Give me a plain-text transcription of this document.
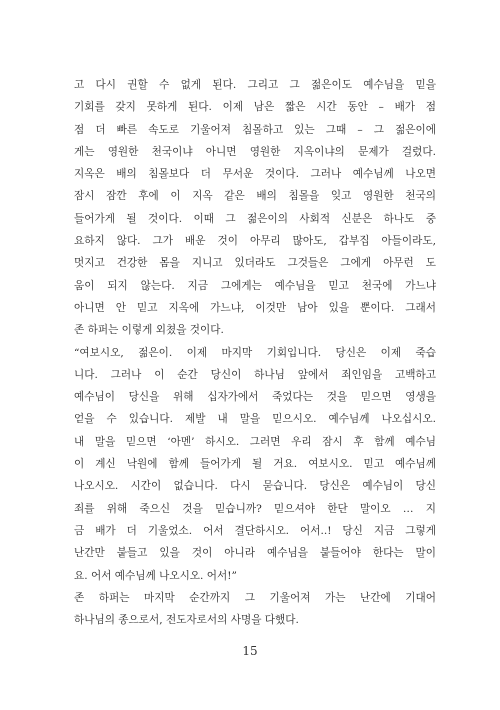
고 다시 권할 수 없게 된다. 그리고 그 젊은이도 예수님을 믿을
기회를 갖지 못하게 된다. 이제 남은 짧은 시간 동안 – 배가 점
점 더 빠른 속도로 기울어져 침몰하고 있는 그때 – 그 젊은이에
게는 영원한 천국이냐 아니면 영원한 지옥이냐의 문제가 걸렸다.
지옥은 배의 침몰보다 더 무서운 것이다. 그러나 예수님께 나오면
잠시 잠깐 후에 이 지옥 같은 배의 침몰을 잊고 영원한 천국의
들어가게 될 것이다. 이때 그 젊은이의 사회적 신분은 하나도 중
요하지 않다. 그가 배운 것이 아무리 많아도, 갑부집 아들이라도,
멋지고 건강한 몸을 지니고 있더라도 그것들은 그에게 아무런 도
움이 되지 않는다. 지금 그에게는 예수님을 믿고 천국에 가느냐
아니면 안 믿고 지옥에 가느냐, 이것만 남아 있을 뿐이다. 그래서
존 하퍼는 이렇게 외쳤을 것이다.
“여보시오, 젊은이. 이제 마지막 기회입니다. 당신은 이제 죽습
니다. 그러나 이 순간 당신이 하나님 앞에서 죄인임을 고백하고
예수님이 당신을 위해 십자가에서 죽었다는 것을 믿으면 영생을
얻을 수 있습니다. 제발 내 말을 믿으시오. 예수님께 나오십시오.
내 말을 믿으면 ‘아멘’ 하시오. 그러면 우리 잠시 후 함께 예수님
이 계신 낙원에 함께 들어가게 될 거요. 여보시오. 믿고 예수님께
나오시오. 시간이 없습니다. 다시 묻습니다. 당신은 예수님이 당신
죄를 위해 죽으신 것을 믿습니까? 믿으셔야 한단 말이오 … 지
금 배가 더 기울었소. 어서 결단하시오. 어서..! 당신 지금 그렇게
난간만 붙들고 있을 것이 아니라 예수님을 붙들어야 한다는 말이
요. 어서 예수님께 나오시오. 어서!”
존 하퍼는 마지막 순간까지 그 기울어져 가는 난간에 기대어
하나님의 종으로서, 전도자로서의 사명을 다했다.
15
